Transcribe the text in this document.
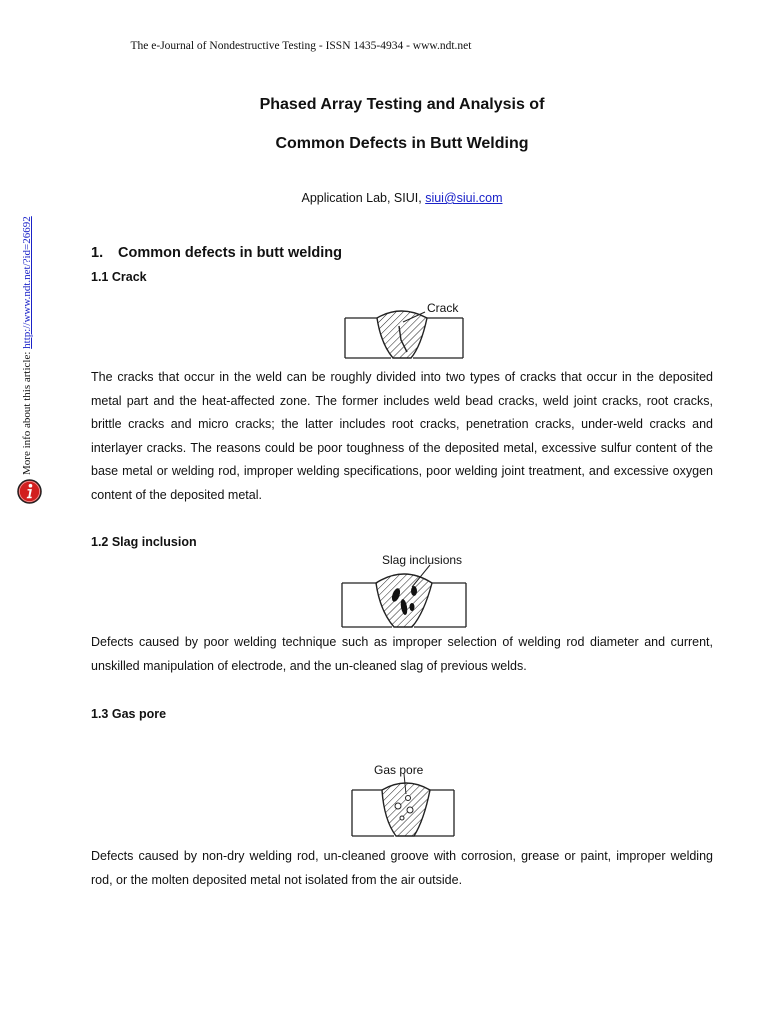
The e-Journal of Nondestructive Testing - ISSN 1435-4934 - www.ndt.net
More info about this article: http://www.ndt.net/?id=26692
Phased Array Testing and Analysis of
Common Defects in Butt Welding
Application Lab, SIUI, siui@siui.com
1. Common defects in butt welding
1.1 Crack
Crack

The cracks that occur in the weld can be roughly divided into two types of cracks that occur in the deposited metal part and the heat-affected zone. The former includes weld bead cracks, weld joint cracks, root cracks, brittle cracks and micro cracks; the latter includes root cracks, penetration cracks, under-weld cracks and interlayer cracks. The reasons could be poor toughness of the deposited metal, excessive sulfur content of the base metal or welding rod, improper welding specifications, poor welding joint treatment, and excessive oxygen content of the deposited metal.

1.2 Slag inclusion
Slag inclusions

Defects caused by poor welding technique such as improper selection of welding rod diameter and current, unskilled manipulation of electrode, and the un-cleaned slag of previous welds.

1.3 Gas pore
Gas pore

Defects caused by non-dry welding rod, un-cleaned groove with corrosion, grease or paint, improper welding rod, or the molten deposited metal not isolated from the air outside.
